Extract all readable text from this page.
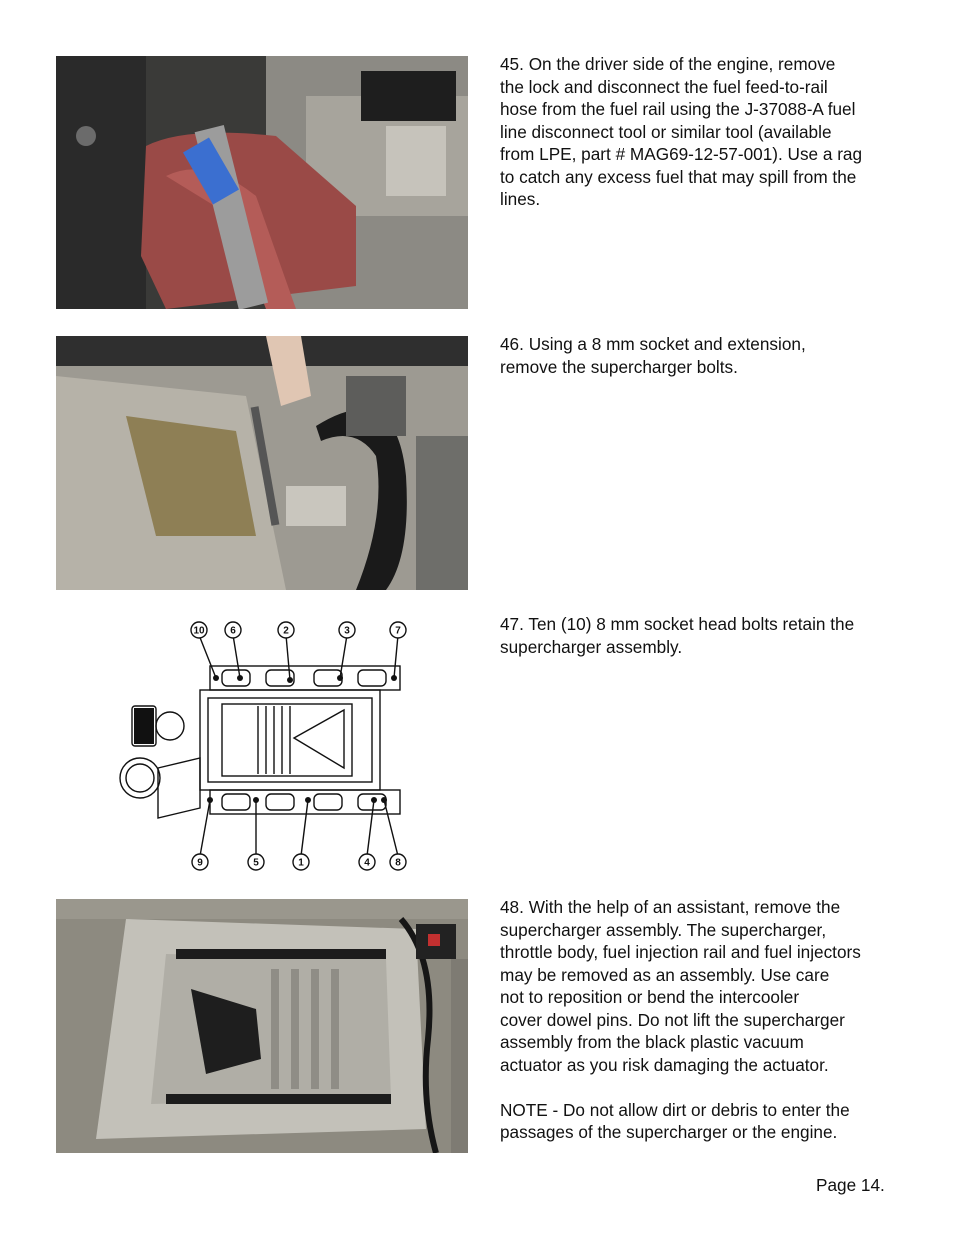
10	6	2	3	7
9	5	1	4	8
45. On the driver side of the engine, remove
the lock and disconnect the fuel feed-to-rail
hose from the fuel rail using the J-37088-A fuel
line disconnect tool or similar tool (available
from LPE, part # MAG69-12-57-001). Use a rag
to catch any excess fuel that may spill from the
lines.
46. Using a 8 mm socket and extension,
remove the supercharger bolts.
47. Ten (10) 8 mm socket head bolts retain the
supercharger assembly.
48. With the help of an assistant, remove the
supercharger assembly. The supercharger,
throttle body, fuel injection rail and fuel injectors
may be removed as an assembly. Use care
not to reposition or bend the intercooler
cover dowel pins. Do not lift the supercharger
assembly from the black plastic vacuum
actuator as you risk damaging the actuator.

NOTE - Do not allow dirt or debris to enter the
passages of the supercharger or the engine.
Page 14.
